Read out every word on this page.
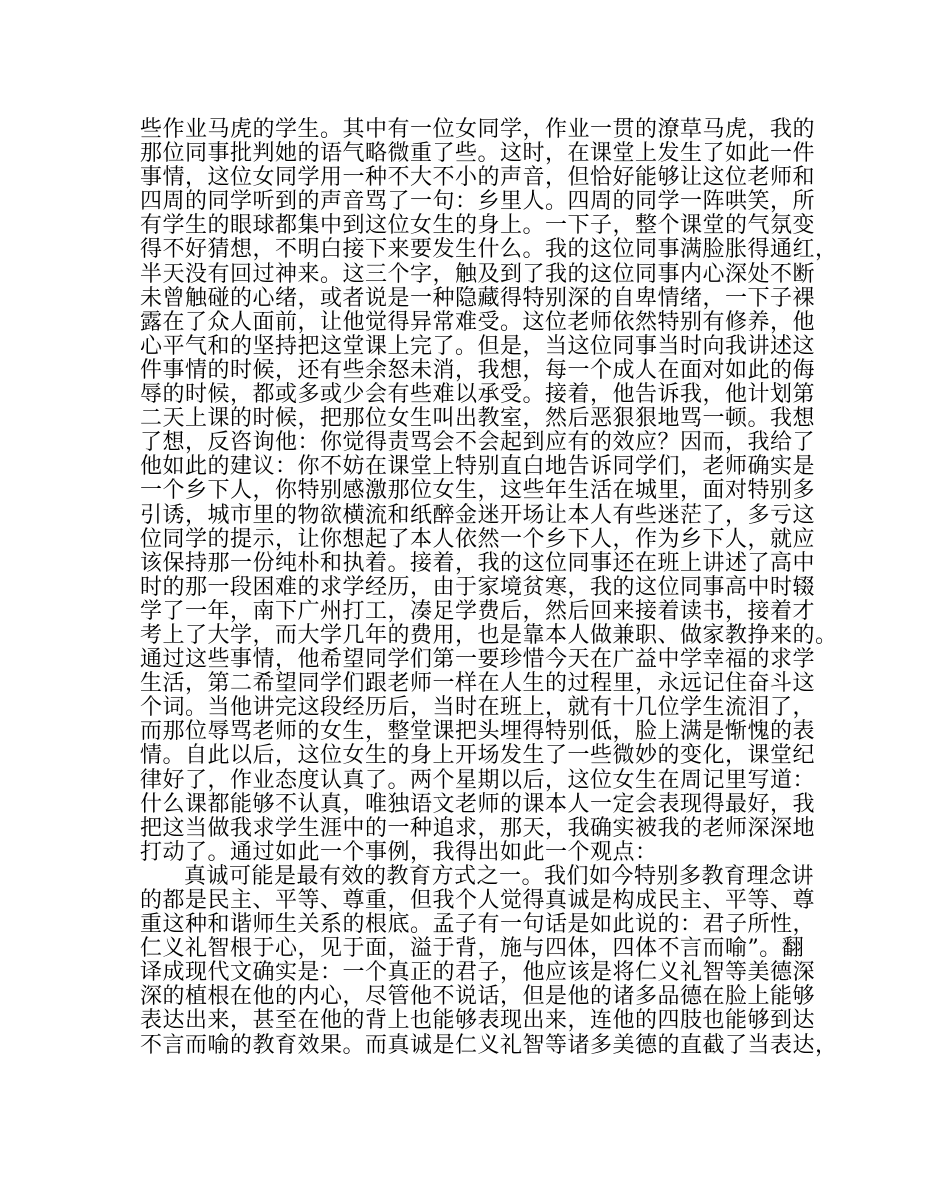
些作业马虎的学生。其中有一位女同学，作业一贯的潦草马虎，我的
那位同事批判她的语气略微重了些。这时，在课堂上发生了如此一件
事情，这位女同学用一种不大不小的声音，但恰好能够让这位老师和
四周的同学听到的声音骂了一句：乡里人。四周的同学一阵哄笑，所
有学生的眼球都集中到这位女生的身上。一下子，整个课堂的气氛变
得不好猜想，不明白接下来要发生什么。我的这位同事满脸胀得通红，
半天没有回过神来。这三个字，触及到了我的这位同事内心深处不断
未曾触碰的心绪，或者说是一种隐藏得特别深的自卑情绪，一下子裸
露在了众人面前，让他觉得异常难受。这位老师依然特别有修养，他
心平气和的坚持把这堂课上完了。但是，当这位同事当时向我讲述这
件事情的时候，还有些余怒未消，我想，每一个成人在面对如此的侮
辱的时候，都或多或少会有些难以承受。接着，他告诉我，他计划第
二天上课的时候，把那位女生叫出教室，然后恶狠狠地骂一顿。我想
了想，反咨询他：你觉得责骂会不会起到应有的效应？因而，我给了
他如此的建议：你不妨在课堂上特别直白地告诉同学们，老师确实是
一个乡下人，你特别感激那位女生，这些年生活在城里，面对特别多
引诱，城市里的物欲横流和纸醉金迷开场让本人有些迷茫了，多亏这
位同学的提示，让你想起了本人依然一个乡下人，作为乡下人，就应
该保持那一份纯朴和执着。接着，我的这位同事还在班上讲述了高中
时的那一段困难的求学经历，由于家境贫寒，我的这位同事高中时辍
学了一年，南下广州打工，凑足学费后，然后回来接着读书，接着才
考上了大学，而大学几年的费用，也是靠本人做兼职、做家教挣来的。
通过这些事情，他希望同学们第一要珍惜今天在广益中学幸福的求学
生活，第二希望同学们跟老师一样在人生的过程里，永远记住奋斗这
个词。当他讲完这段经历后，当时在班上，就有十几位学生流泪了，
而那位辱骂老师的女生，整堂课把头埋得特别低，脸上满是惭愧的表
情。自此以后，这位女生的身上开场发生了一些微妙的变化，课堂纪
律好了，作业态度认真了。两个星期以后，这位女生在周记里写道：
什么课都能够不认真，唯独语文老师的课本人一定会表现得最好，我
把这当做我求学生涯中的一种追求，那天，我确实被我的老师深深地
打动了。通过如此一个事例，我得出如此一个观点：
真诚可能是最有效的教育方式之一。我们如今特别多教育理念讲
的都是民主、平等、尊重，但我个人觉得真诚是构成民主、平等、尊
重这种和谐师生关系的根底。孟子有一句话是如此说的：君子所性，
仁义礼智根于心，见于面，溢于背，施与四体，四体不言而喻”。翻
译成现代文确实是：一个真正的君子，他应该是将仁义礼智等美德深
深的植根在他的内心，尽管他不说话，但是他的诸多品德在脸上能够
表达出来，甚至在他的背上也能够表现出来，连他的四肢也能够到达
不言而喻的教育效果。而真诚是仁义礼智等诸多美德的直截了当表达，
